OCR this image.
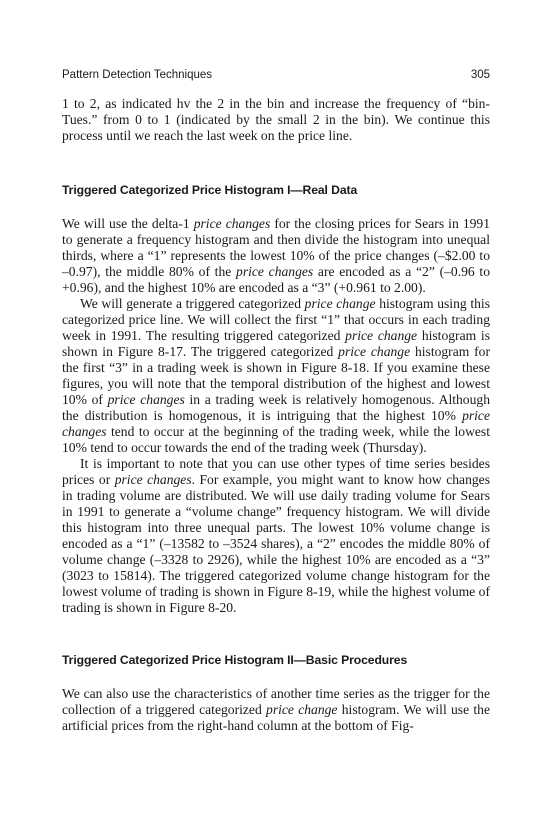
Pattern Detection Techniques	305

1 to 2, as indicated hv the 2 in the bin and increase the frequency of “bin-Tues.” from 0 to 1 (indicated by the small 2 in the bin). We continue this process until we reach the last week on the price line.

Triggered Categorized Price Histogram I—Real Data

We will use the delta-1 price changes for the closing prices for Sears in 1991 to generate a frequency histogram and then divide the histogram into unequal thirds, where a “1” represents the lowest 10% of the price changes (–$2.00 to –0.97), the middle 80% of the price changes are encoded as a “2” (–0.96 to +0.96), and the highest 10% are encoded as a “3” (+0.961 to 2.00).

We will generate a triggered categorized price change histogram using this categorized price line. We will collect the first “1” that occurs in each trading week in 1991. The resulting triggered categorized price change histogram is shown in Figure 8-17. The triggered categorized price change histogram for the first “3” in a trading week is shown in Figure 8-18. If you examine these figures, you will note that the temporal distribution of the highest and lowest 10% of price changes in a trading week is relatively homogenous. Although the distribution is homogenous, it is intriguing that the highest 10% price changes tend to occur at the beginning of the trading week, while the lowest 10% tend to occur towards the end of the trading week (Thursday).

It is important to note that you can use other types of time series besides prices or price changes. For example, you might want to know how changes in trading volume are distributed. We will use daily trading volume for Sears in 1991 to generate a “volume change” frequency histogram. We will divide this histogram into three unequal parts. The lowest 10% volume change is encoded as a “1” (–13582 to –3524 shares), a “2” encodes the middle 80% of volume change (–3328 to 2926), while the highest 10% are encoded as a “3” (3023 to 15814). The triggered categorized volume change histogram for the lowest volume of trading is shown in Figure 8-19, while the highest volume of trading is shown in Figure 8-20.

Triggered Categorized Price Histogram II—Basic Procedures

We can also use the characteristics of another time series as the trigger for the collection of a triggered categorized price change histogram. We will use the artificial prices from the right-hand column at the bottom of Fig-
